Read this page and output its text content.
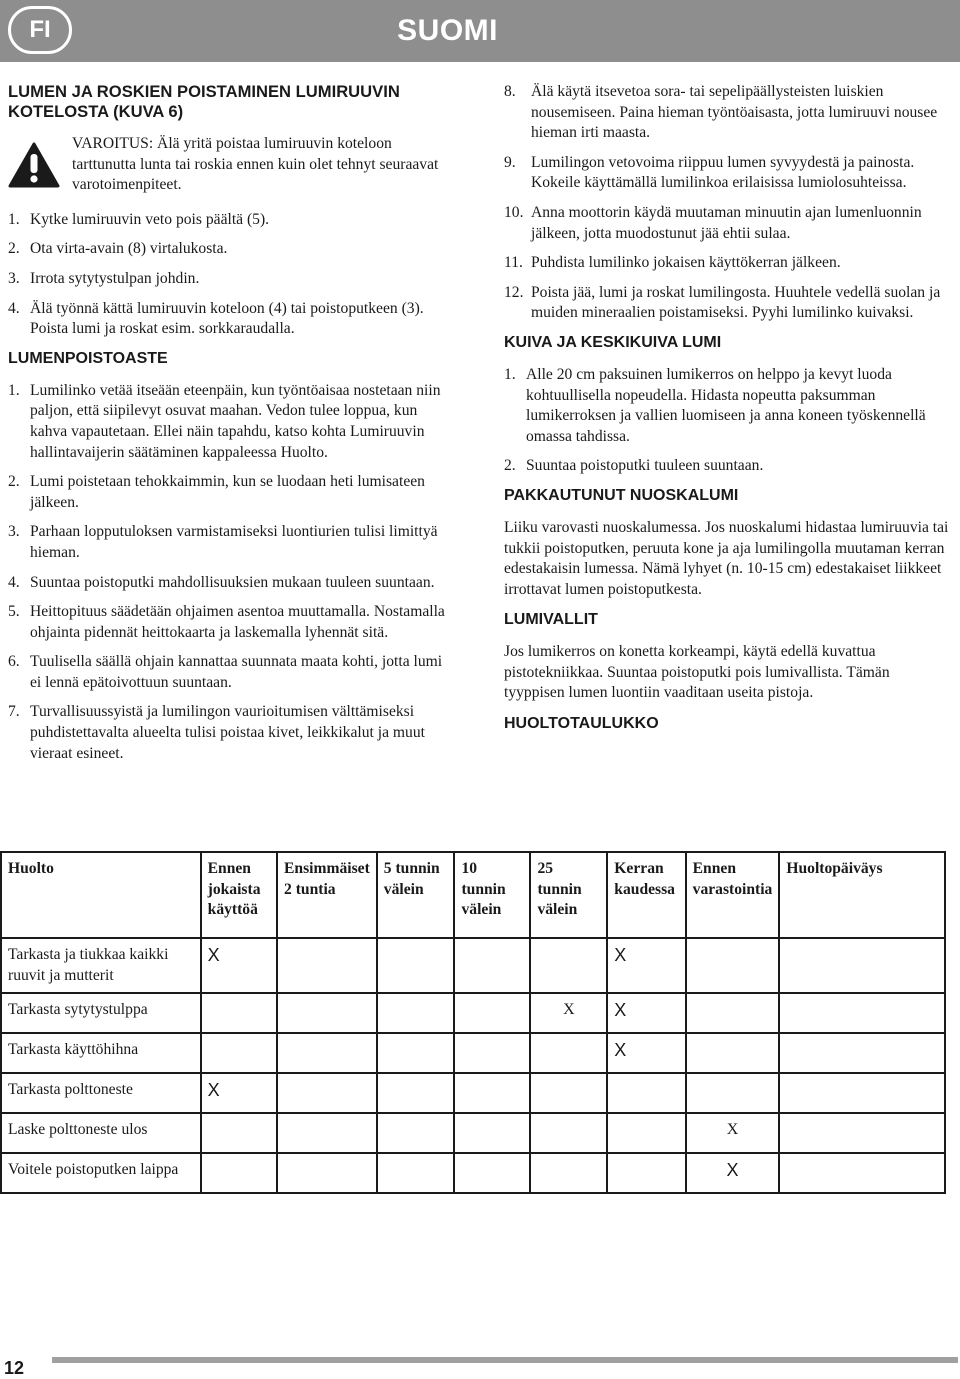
FI	SUOMI
LUMEN JA ROSKIEN POISTAMINEN LUMIRUUVIN KOTELOSTA (KUVA 6)
VAROITUS: Älä yritä poistaa lumiruuvin koteloon tarttunutta lunta tai roskia ennen kuin olet tehnyt seuraavat varotoimenpiteet.
1. Kytke lumiruuvin veto pois päältä (5).
2. Ota virta-avain (8) virtalukosta.
3. Irrota sytytystulpan johdin.
4. Älä työnnä kättä lumiruuvin koteloon (4) tai poistoputkeen (3). Poista lumi ja roskat esim. sorkkaraudalla.
LUMENPOISTOASTE
1. Lumilinko vetää itseään eteenpäin, kun työntöaisaa nostetaan niin paljon, että siipilevyt osuvat maahan. Vedon tulee loppua, kun kahva vapautetaan. Ellei näin tapahdu, katso kohta Lumiruuvin hallintavaijerin säätäminen kappaleessa Huolto.
2. Lumi poistetaan tehokkaimmin, kun se luodaan heti lumisateen jälkeen.
3. Parhaan lopputuloksen varmistamiseksi luontiurien tulisi limittyä hieman.
4. Suuntaa poistoputki mahdollisuuksien mukaan tuuleen suuntaan.
5. Heittopituus säädetään ohjaimen asentoa muuttamalla. Nostamalla ohjainta pidennät heittokaarta ja laskemalla lyhennät sitä.
6. Tuulisella säällä ohjain kannattaa suunnata maata kohti, jotta lumi ei lennä epätoivottuun suuntaan.
7. Turvallisuussyistä ja lumilingon vaurioitumisen välttämiseksi puhdistettavalta alueelta tulisi poistaa kivet, leikkikalut ja muut vieraat esineet.
8. Älä käytä itsevetoa sora- tai sepelipäällysteisten luiskien nousemiseen. Paina hieman työntöaisasta, jotta lumiruuvi nousee hieman irti maasta.
9. Lumilingon vetovoima riippuu lumen syvyydestä ja painosta. Kokeile käyttämällä lumilinkoa erilaisissa lumiolosuhteissa.
10. Anna moottorin käydä muutaman minuutin ajan lumenluonnin jälkeen, jotta muodostunut jää ehtii sulaa.
11. Puhdista lumilinko jokaisen käyttökerran jälkeen.
12. Poista jää, lumi ja roskat lumilingosta. Huuhtele vedellä suolan ja muiden mineraalien poistamiseksi. Pyyhi lumilinko kuivaksi.
KUIVA JA KESKIKUIVA LUMI
1. Alle 20 cm paksuinen lumikerros on helppo ja kevyt luoda kohtuullisella nopeudella. Hidasta nopeutta paksumman lumikerroksen ja vallien luomiseen ja anna koneen työskennellä omassa tahdissa.
2. Suuntaa poistoputki tuuleen suuntaan.
PAKKAUTUNUT NUOSKALUMI
Liiku varovasti nuoskalumessa. Jos nuoskalumi hidastaa lumiruuvia tai tukkii poistoputken, peruuta kone ja aja lumilingolla muutaman kerran edestakaisin lumessa. Nämä lyhyet (n. 10-15 cm) edestakaiset liikkeet irrottavat lumen poistoputkesta.
LUMIVALLIT
Jos lumikerros on konetta korkeampi, käytä edellä kuvattua pistotekniikkaa. Suuntaa poistoputki pois lumivallista. Tämän tyyppisen lumen luontiin vaaditaan useita pistoja.
HUOLTOTAULUKKO
Huolto	Ennen jokaista käyttöä	Ensimmäiset 2 tuntia	5 tunnin välein	10 tunnin välein	25 tunnin välein	Kerran kaudessa	Ennen varastointia	Huoltopäiväys
Tarkasta ja tiukkaa kaikki ruuvit ja mutterit	X					X		
Tarkasta sytytystulppa					X	X		
Tarkasta käyttöhihna						X		
Tarkasta polttoneste	X							
Laske polttoneste ulos							X	
Voitele poistoputken laippa							X	
12
